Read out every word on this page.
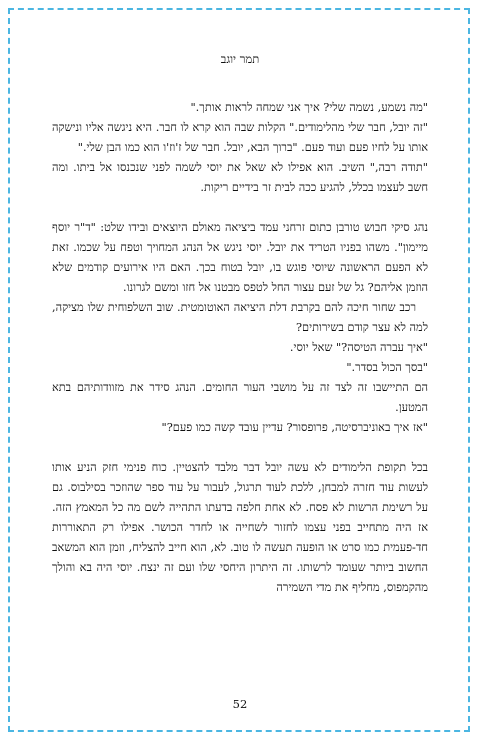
תמר יוגב

"מה נשמע, נשמה שלי? איך אני שמחה לראות אותך."

"זה יובל, חבר שלי מהלימודים." הקלות שבה הוא קרא לו חבר. היא ניגשה אליו ונישקה אותו על לחיו פעם ועוד פעם. "ברוך הבא, יובל. חבר של ז'וז'ו הוא כמו הבן שלי."

"תודה רבה," השיב. הוא אפילו לא שאל את יוסי לשמה לפני שנכנסו אל ביתו. ומה חשב לעצמו בכלל, להגיע ככה לבית זר בידיים ריקות.

נהג סיקי חבוש טורבן כתום זרחני עמד ביציאה מאולם היוצאים ובידו שלט: "ד"ר יוסף מיימון". משהו בפניו הטריד את יובל. יוסי ניגש אל הנהג המחויך וטפח על שכמו. זאת לא הפעם הראשונה שיוסי פוגש בו, יובל בטוח בכך. האם היו אירועים קודמים שלא הוזמן אליהם? גל של זעם עצור החל לטפס מבטנו אל חזו ומשם לגרונו.

רכב שחור חיכה להם בקרבת דלת היציאה האוטומטית. שוב השלפוחית שלו מציקה, למה לא עצר קודם בשירותים?

"איך עברה הטיסה?" שאל יוסי.

"בסך הכול בסדר."

הם התיישבו זה לצד זה על מושבי העור החומים. הנהג סידר את מזוודותיהם בתא המטען.

"אז איך באוניברסיטה, פרופסור? עדיין עובד קשה כמו פעם?"

בכל תקופת הלימודים לא עשה יובל דבר מלבד להצטיין. כוח פנימי חזק הניע אותו לעשות עוד חזרה למבחן, ללכת לעוד תרגול, לעבור על עוד ספר שהוזכר בסילבוס. גם על רשימת הרשות לא פסח. לא אחת חלפה בדעתו התהייה לשם מה כל המאמץ הזה. אז היה מתחייב בפני עצמו לחזור לשחייה או לחדר הכושר. אפילו רק התאוררות חד-פעמית כמו סרט או הופעה תעשה לו טוב. לא, הוא חייב להצליח, וזמן הוא המשאב החשוב ביותר שעומד לרשותו. זה היתרון היחסי שלו ועם זה ינצח. יוסי היה בא והולך מהקמפוס, מחליף את מדי השמירה

52
